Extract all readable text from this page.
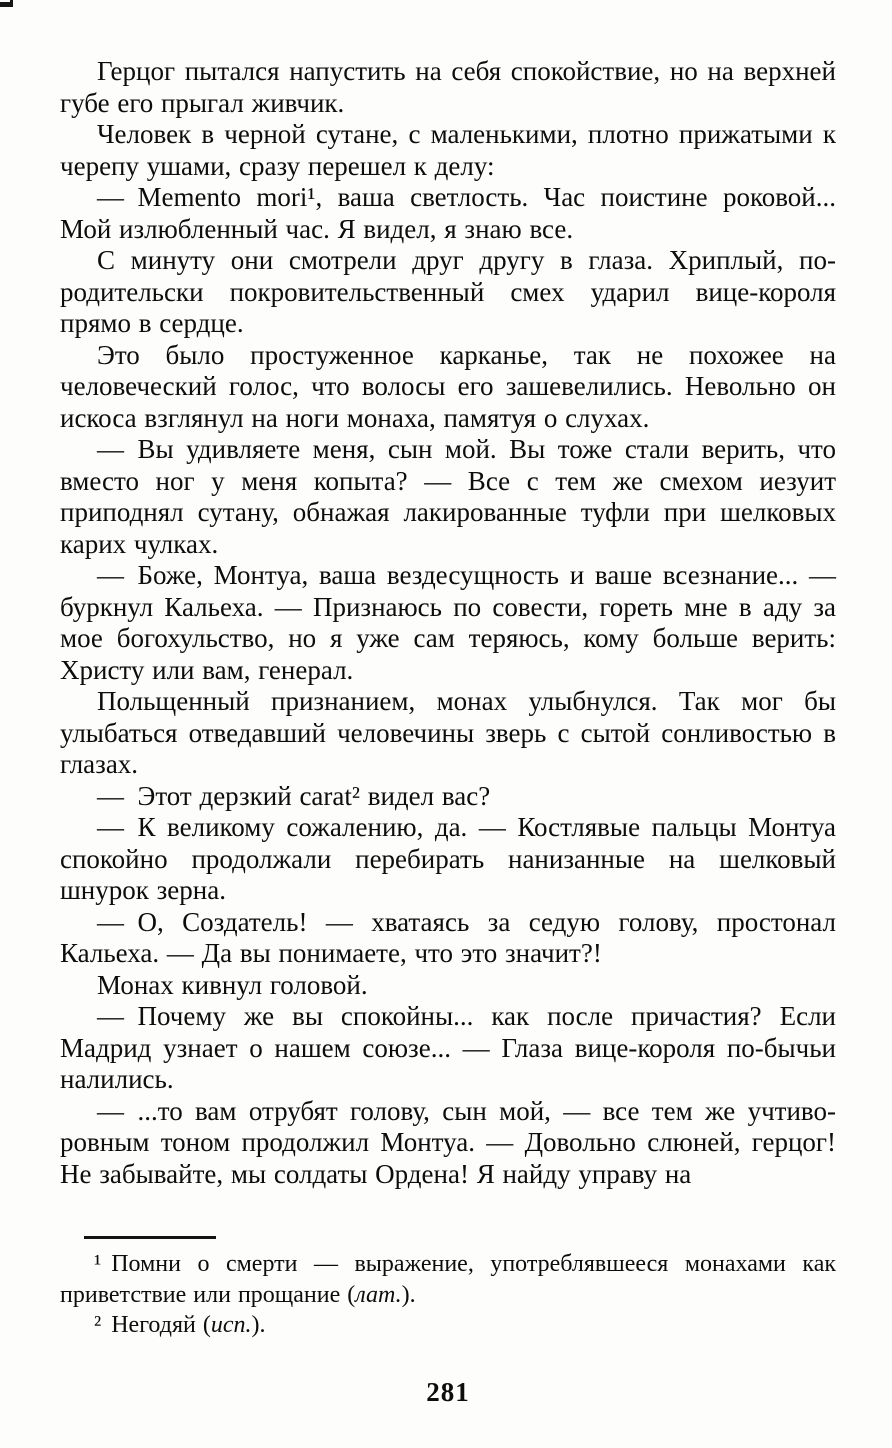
Герцог пытался напустить на себя спокойствие, но на верхней губе его прыгал живчик.

Человек в черной сутане, с маленькими, плотно прижатыми к черепу ушами, сразу перешел к делу:

— Memento mori¹, ваша светлость. Час поистине роковой... Мой излюбленный час. Я видел, я знаю все.

С минуту они смотрели друг другу в глаза. Хриплый, по-родительски покровительственный смех ударил вице-короля прямо в сердце.

Это было простуженное карканье, так не похожее на человеческий голос, что волосы его зашевелились. Невольно он искоса взглянул на ноги монаха, памятуя о слухах.

— Вы удивляете меня, сын мой. Вы тоже стали верить, что вместо ног у меня копыта? — Все с тем же смехом иезуит приподнял сутану, обнажая лакированные туфли при шелковых карих чулках.

— Боже, Монтуа, ваша вездесущность и ваше всезнание... — буркнул Кальеха. — Признаюсь по совести, гореть мне в аду за мое богохульство, но я уже сам теряюсь, кому больше верить: Христу или вам, генерал.

Польщенный признанием, монах улыбнулся. Так мог бы улыбаться отведавший человечины зверь с сытой сонливостью в глазах.

— Этот дерзкий carat² видел вас?

— К великому сожалению, да. — Костлявые пальцы Монтуа спокойно продолжали перебирать нанизанные на шелковый шнурок зерна.

— О, Создатель! — хватаясь за седую голову, простонал Кальеха. — Да вы понимаете, что это значит?!

Монах кивнул головой.

— Почему же вы спокойны... как после причастия? Если Мадрид узнает о нашем союзе... — Глаза вице-короля по-бычьи налились.

— ...то вам отрубят голову, сын мой, — все тем же учтиво-ровным тоном продолжил Монтуа. — Довольно слюней, герцог! Не забывайте, мы солдаты Ордена! Я найду управу на

¹ Помни о смерти — выражение, употреблявшееся монахами как приветствие или прощание (лат.).

² Негодяй (исп.).

281
